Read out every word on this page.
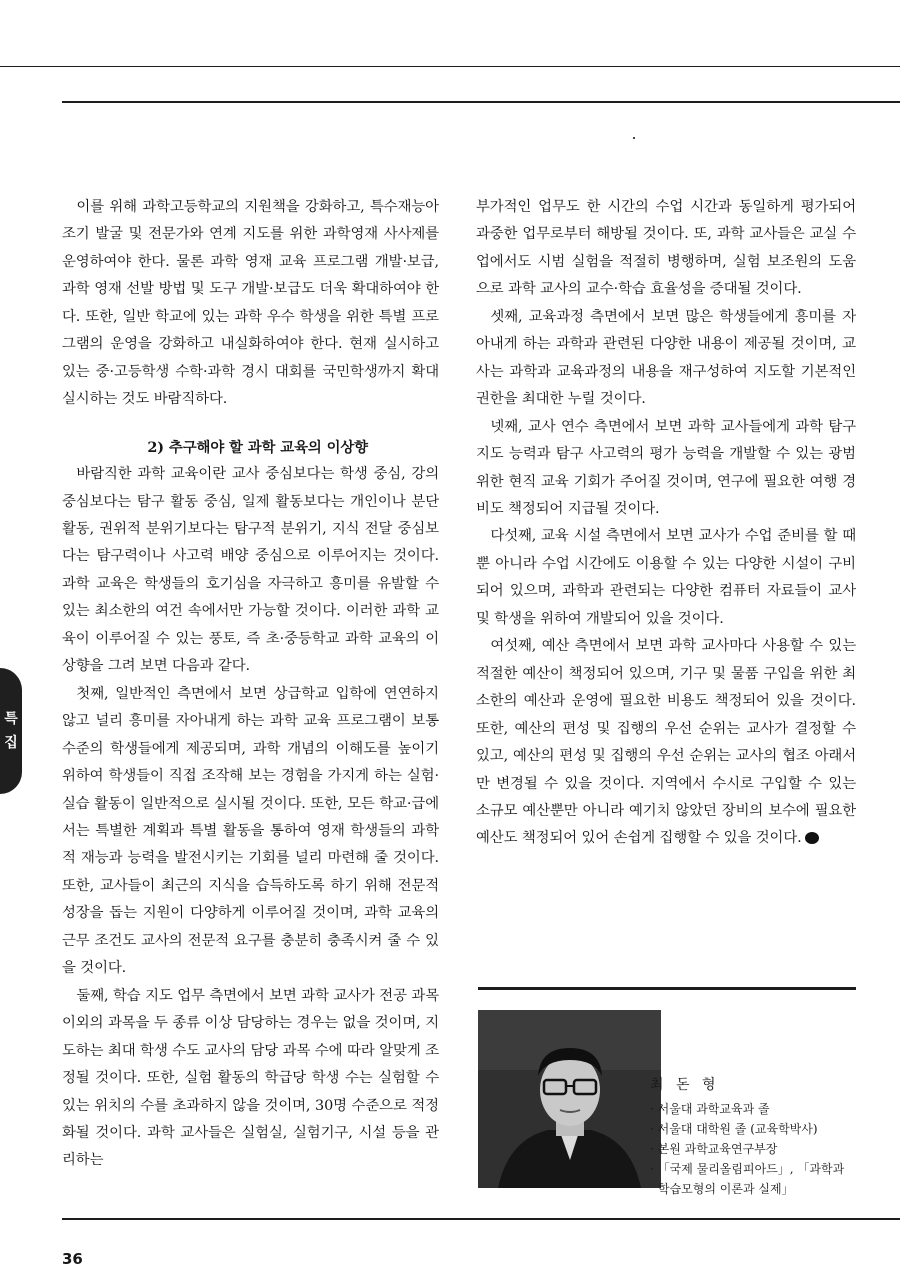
이를 위해 과학고등학교의 지원책을 강화하고, 특수재능아 조기 발굴 및 전문가와 연계 지도를 위한 과학영재 사사제를 운영하여야 한다. 물론 과학 영재 교육 프로그램 개발·보급, 과학 영재 선발 방법 및 도구 개발·보급도 더욱 확대하여야 한다. 또한, 일반 학교에 있는 과학 우수 학생을 위한 특별 프로그램의 운영을 강화하고 내실화하여야 한다. 현재 실시하고 있는 중·고등학생 수학·과학 경시 대회를 국민학생까지 확대 실시하는 것도 바람직하다.

2) 추구해야 할 과학 교육의 이상향

바람직한 과학 교육이란 교사 중심보다는 학생 중심, 강의 중심보다는 탐구 활동 중심, 일제 활동보다는 개인이나 분단 활동, 권위적 분위기보다는 탐구적 분위기, 지식 전달 중심보다는 탐구력이나 사고력 배양 중심으로 이루어지는 것이다. 과학 교육은 학생들의 호기심을 자극하고 흥미를 유발할 수 있는 최소한의 여건 속에서만 가능할 것이다. 이러한 과학 교육이 이루어질 수 있는 풍토, 즉 초·중등학교 과학 교육의 이상향을 그려 보면 다음과 같다.

첫째, 일반적인 측면에서 보면 상급학교 입학에 연연하지 않고 널리 흥미를 자아내게 하는 과학 교육 프로그램이 보통 수준의 학생들에게 제공되며, 과학 개념의 이해도를 높이기 위하여 학생들이 직접 조작해 보는 경험을 가지게 하는 실험·실습 활동이 일반적으로 실시될 것이다. 또한, 모든 학교·급에서는 특별한 계획과 특별 활동을 통하여 영재 학생들의 과학적 재능과 능력을 발전시키는 기회를 널리 마련해 줄 것이다. 또한, 교사들이 최근의 지식을 습득하도록 하기 위해 전문적 성장을 돕는 지원이 다양하게 이루어질 것이며, 과학 교육의 근무 조건도 교사의 전문적 요구를 충분히 충족시켜 줄 수 있을 것이다.

둘째, 학습 지도 업무 측면에서 보면 과학 교사가 전공 과목 이외의 과목을 두 종류 이상 담당하는 경우는 없을 것이며, 지도하는 최대 학생 수도 교사의 담당 과목 수에 따라 알맞게 조정될 것이다. 또한, 실험 활동의 학급당 학생 수는 실험할 수 있는 위치의 수를 초과하지 않을 것이며, 30명 수준으로 적정화될 것이다. 과학 교사들은 실험실, 실험기구, 시설 등을 관리하는

부가적인 업무도 한 시간의 수업 시간과 동일하게 평가되어 과중한 업무로부터 해방될 것이다. 또, 과학 교사들은 교실 수업에서도 시범 실험을 적절히 병행하며, 실험 보조원의 도움으로 과학 교사의 교수·학습 효율성을 증대될 것이다.

셋째, 교육과정 측면에서 보면 많은 학생들에게 흥미를 자아내게 하는 과학과 관련된 다양한 내용이 제공될 것이며, 교사는 과학과 교육과정의 내용을 재구성하여 지도할 기본적인 권한을 최대한 누릴 것이다.

넷째, 교사 연수 측면에서 보면 과학 교사들에게 과학 탐구 지도 능력과 탐구 사고력의 평가 능력을 개발할 수 있는 광범위한 현직 교육 기회가 주어질 것이며, 연구에 필요한 여행 경비도 책정되어 지급될 것이다.

다섯째, 교육 시설 측면에서 보면 교사가 수업 준비를 할 때뿐 아니라 수업 시간에도 이용할 수 있는 다양한 시설이 구비되어 있으며, 과학과 관련되는 다양한 컴퓨터 자료들이 교사 및 학생을 위하여 개발되어 있을 것이다.

여섯째, 예산 측면에서 보면 과학 교사마다 사용할 수 있는 적절한 예산이 책정되어 있으며, 기구 및 물품 구입을 위한 최소한의 예산과 운영에 필요한 비용도 책정되어 있을 것이다. 또한, 예산의 편성 및 집행의 우선 순위는 교사가 결정할 수 있고, 예산의 편성 및 집행의 우선 순위는 교사의 협조 아래서만 변경될 수 있을 것이다. 지역에서 수시로 구입할 수 있는 소규모 예산뿐만 아니라 예기치 않았던 장비의 보수에 필요한 예산도 책정되어 있어 손쉽게 집행할 수 있을 것이다.

특
집
최 돈 형
· 서울대 과학교육과 졸
· 서울대 대학원 졸 (교육학박사)
· 본원 과학교육연구부장
· 「국제 물리올림피아드」, 「과학과
학습모형의 이론과 실제」
36
